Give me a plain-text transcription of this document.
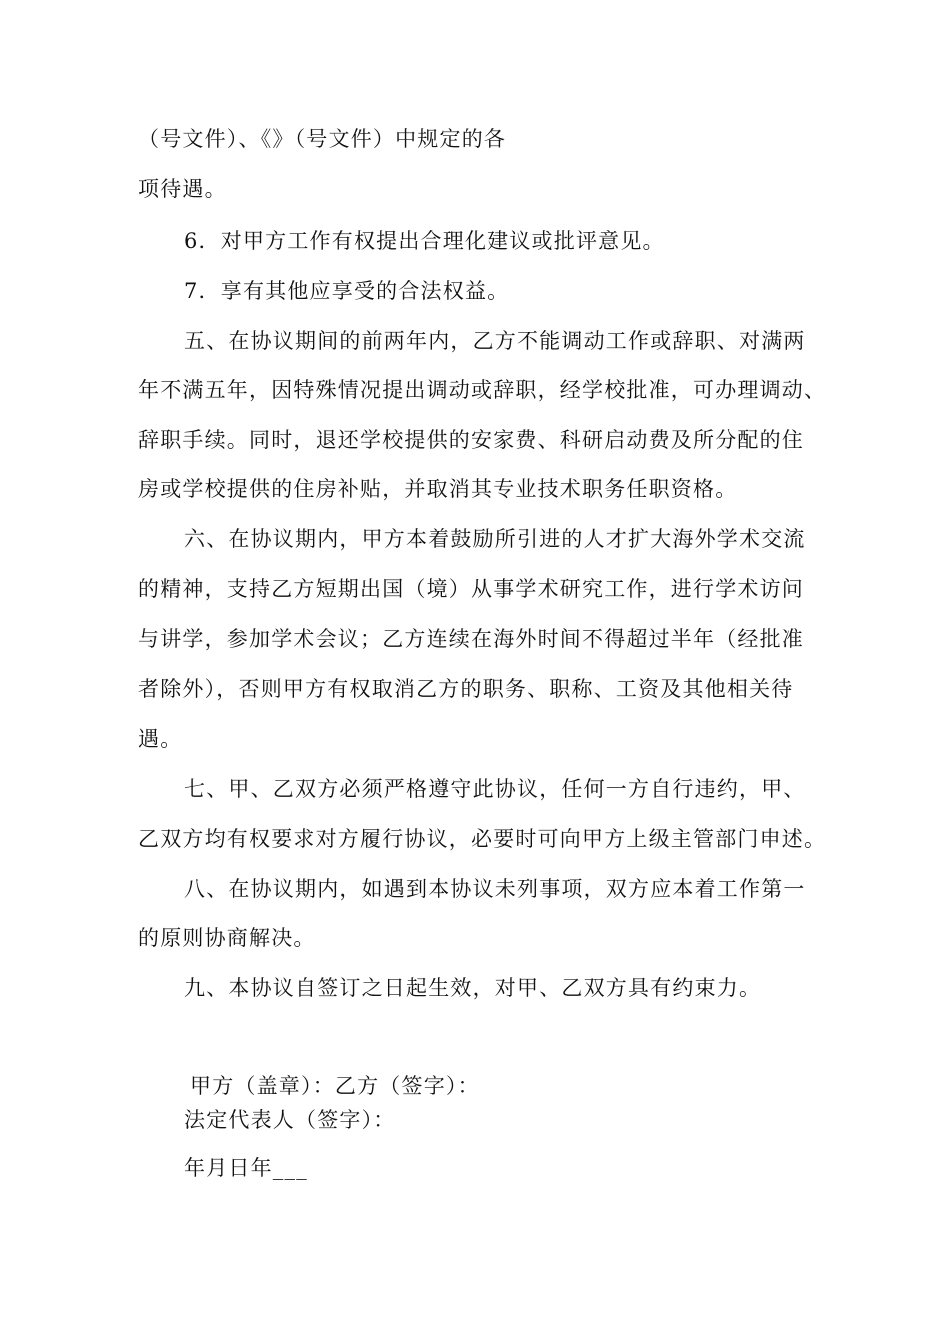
（号文件）、《》（号文件）中规定的各
项待遇。
6．对甲方工作有权提出合理化建议或批评意见。
7．享有其他应享受的合法权益。
五、在协议期间的前两年内，乙方不能调动工作或辞职、对满两
年不满五年，因特殊情况提出调动或辞职，经学校批准，可办理调动、
辞职手续。同时，退还学校提供的安家费、科研启动费及所分配的住
房或学校提供的住房补贴，并取消其专业技术职务任职资格。
六、在协议期内，甲方本着鼓励所引进的人才扩大海外学术交流
的精神，支持乙方短期出国（境）从事学术研究工作，进行学术访问
与讲学，参加学术会议；乙方连续在海外时间不得超过半年（经批准
者除外），否则甲方有权取消乙方的职务、职称、工资及其他相关待
遇。
七、甲、乙双方必须严格遵守此协议，任何一方自行违约，甲、
乙双方均有权要求对方履行协议，必要时可向甲方上级主管部门申述。
八、在协议期内，如遇到本协议未列事项，双方应本着工作第一
的原则协商解决。
九、本协议自签订之日起生效，对甲、乙双方具有约束力。
甲方（盖章）：乙方（签字）：
法定代表人（签字）：
年月日年___
